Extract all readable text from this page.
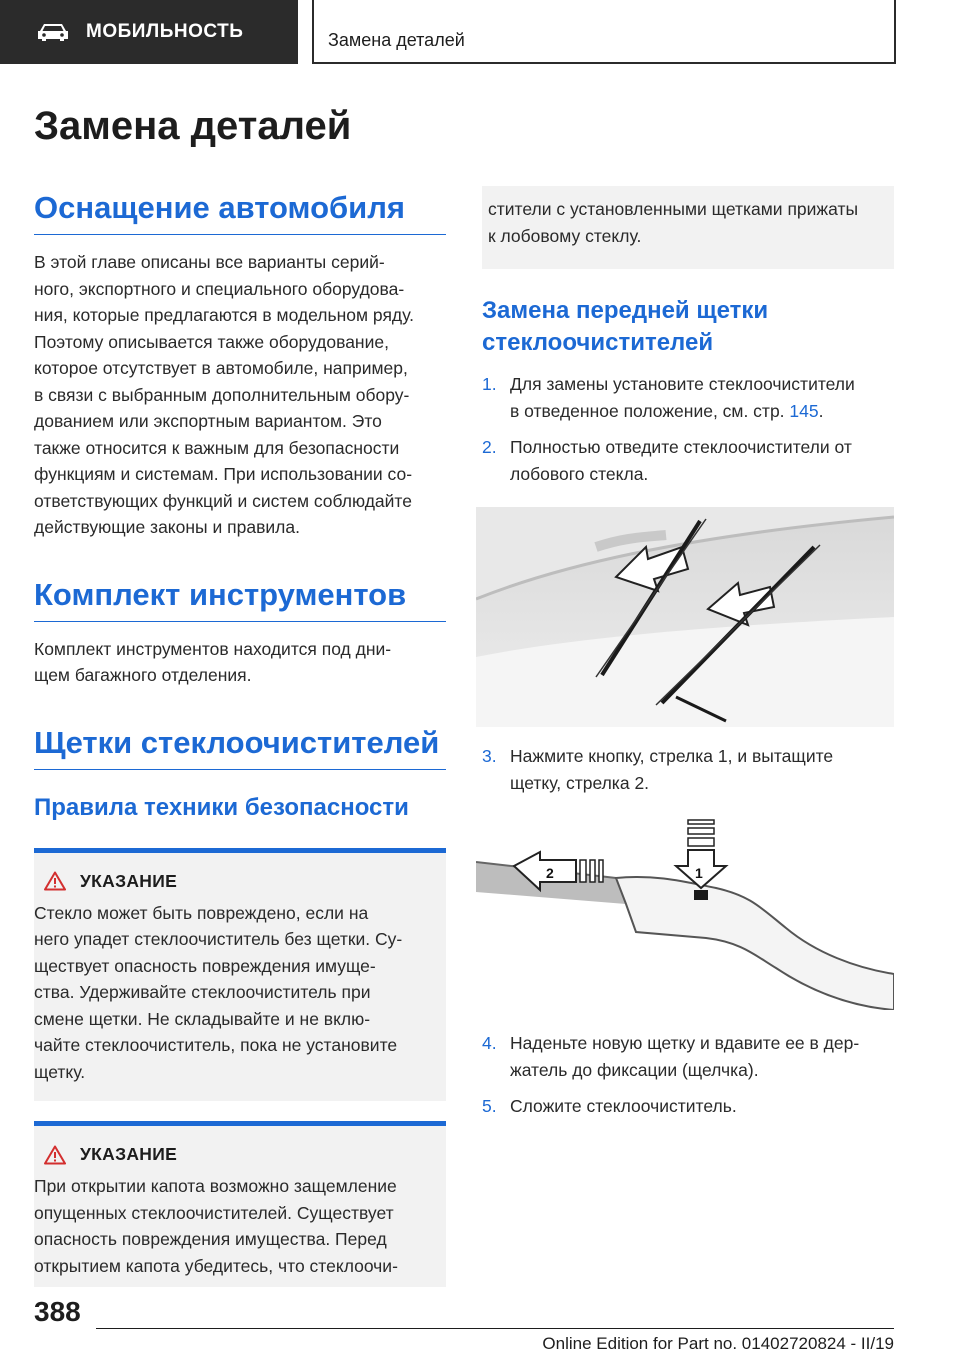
МОБИЛЬНОСТЬ	Замена деталей
Замена деталей
Оснащение автомобиля

В этой главе описаны все варианты серий-
ного, экспортного и специального оборудова-
ния, которые предлагаются в модельном ряду.
Поэтому описывается также оборудование,
которое отсутствует в автомобиле, например,
в связи с выбранным дополнительным обору-
дованием или экспортным вариантом. Это
также относится к важным для безопасности
функциям и системам. При использовании со-
ответствующих функций и систем соблюдайте
действующие законы и правила.

Комплект инструментов

Комплект инструментов находится под дни-
щем багажного отделения.

Щетки стеклоочистителей
Правила техники безопасности
УКАЗАНИЕ

Стекло может быть повреждено, если на
него упадет стеклоочиститель без щетки. Су-
ществует опасность повреждения имуще-
ства. Удерживайте стеклоочиститель при
смене щетки. Не складывайте и не вклю-
чайте стеклоочиститель, пока не установите
щетку.

УКАЗАНИЕ

При открытии капота возможно защемление
опущенных стеклоочистителей. Существует
опасность повреждения имущества. Перед
открытием капота убедитесь, что стеклоочи-

стители с установленными щетками прижаты
к лобовому стеклу.

Замена передней щетки
стеклоочистителей
1. Для замены установите стеклоочистители
в отведенное положение, см. стр. 145.
2. Полностью отведите стеклоочистители от
лобового стекла.
3. Нажмите кнопку, стрелка 1, и вытащите
щетку, стрелка 2.
1
2
4. Наденьте новую щетку и вдавите ее в дер-
жатель до фиксации (щелчка).
5. Сложите стеклоочиститель.
388
Online Edition for Part no. 01402720824 - II/19
